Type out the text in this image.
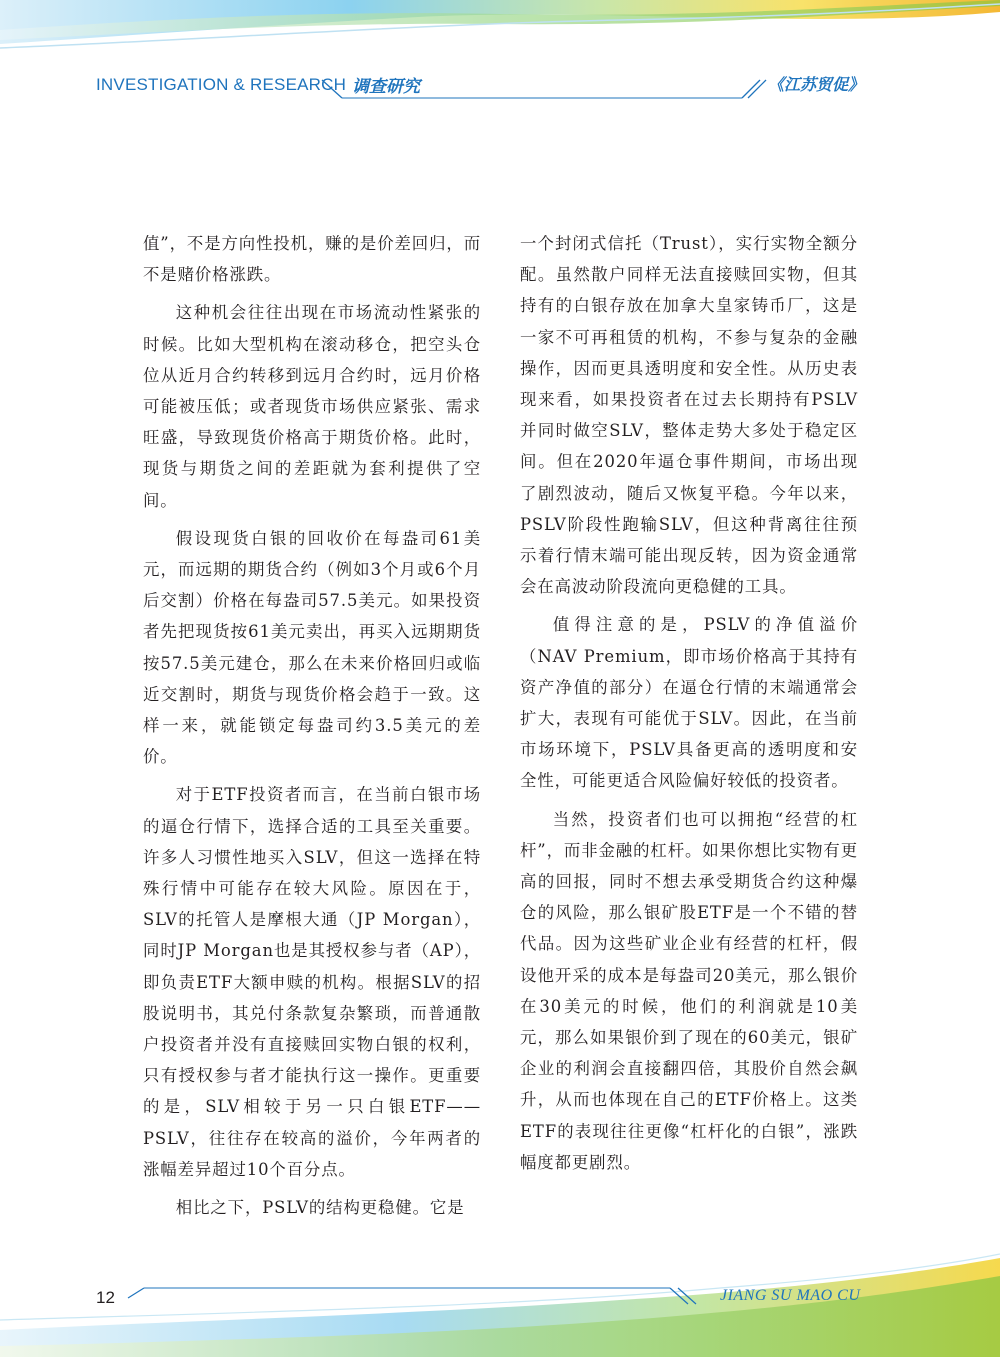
INVESTIGATION & RESEARCH 调查研究	《江苏贸促》

值”，不是方向性投机，赚的是价差回归，而不是赌价格涨跌。

这种机会往往出现在市场流动性紧张的时候。比如大型机构在滚动移仓，把空头仓位从近月合约转移到远月合约时，远月价格可能被压低；或者现货市场供应紧张、需求旺盛，导致现货价格高于期货价格。此时，现货与期货之间的差距就为套利提供了空间。

假设现货白银的回收价在每盎司61美元，而远期的期货合约（例如3个月或6个月后交割）价格在每盎司57.5美元。如果投资者先把现货按61美元卖出，再买入远期期货按57.5美元建仓，那么在未来价格回归或临近交割时，期货与现货价格会趋于一致。这样一来，就能锁定每盎司约3.5美元的差价。

对于ETF投资者而言，在当前白银市场的逼仓行情下，选择合适的工具至关重要。许多人习惯性地买入SLV，但这一选择在特殊行情中可能存在较大风险。原因在于，SLV的托管人是摩根大通（JP Morgan），同时JP Morgan也是其授权参与者（AP），即负责ETF大额申赎的机构。根据SLV的招股说明书，其兑付条款复杂繁琐，而普通散户投资者并没有直接赎回实物白银的权利，只有授权参与者才能执行这一操作。更重要的是，SLV相较于另一只白银ETF——PSLV，往往存在较高的溢价，今年两者的涨幅差异超过10个百分点。

相比之下，PSLV的结构更稳健。它是

一个封闭式信托（Trust），实行实物全额分配。虽然散户同样无法直接赎回实物，但其持有的白银存放在加拿大皇家铸币厂，这是一家不可再租赁的机构，不参与复杂的金融操作，因而更具透明度和安全性。从历史表现来看，如果投资者在过去长期持有PSLV并同时做空SLV，整体走势大多处于稳定区间。但在2020年逼仓事件期间，市场出现了剧烈波动，随后又恢复平稳。今年以来，PSLV阶段性跑输SLV，但这种背离往往预示着行情末端可能出现反转，因为资金通常会在高波动阶段流向更稳健的工具。

值得注意的是，PSLV的净值溢价（NAV Premium，即市场价格高于其持有资产净值的部分）在逼仓行情的末端通常会扩大，表现有可能优于SLV。因此，在当前市场环境下，PSLV具备更高的透明度和安全性，可能更适合风险偏好较低的投资者。

当然，投资者们也可以拥抱“经营的杠杆”，而非金融的杠杆。如果你想比实物有更高的回报，同时不想去承受期货合约这种爆仓的风险，那么银矿股ETF是一个不错的替代品。因为这些矿业企业有经营的杠杆，假设他开采的成本是每盎司20美元，那么银价在30美元的时候，他们的利润就是10美元，那么如果银价到了现在的60美元，银矿企业的利润会直接翻四倍，其股价自然会飙升，从而也体现在自己的ETF价格上。这类ETF的表现往往更像“杠杆化的白银”，涨跌幅度都更剧烈。

12	JIANG SU MAO CU
